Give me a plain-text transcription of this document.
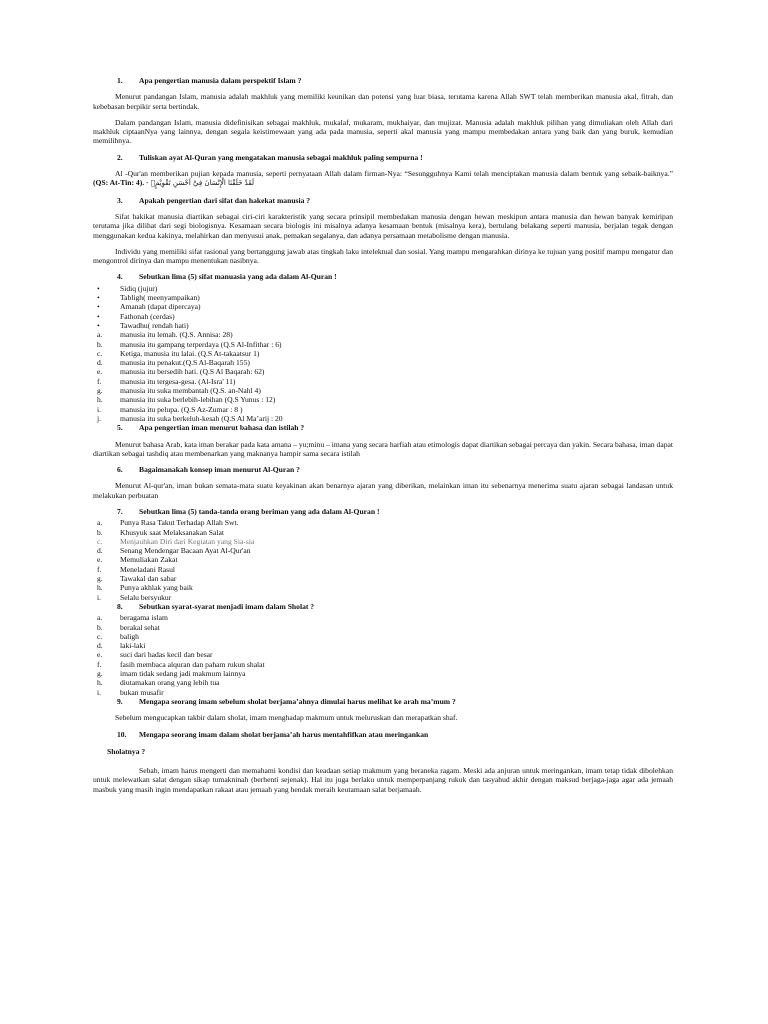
1. Apa pengertian manusia dalam perspektif Islam ?

Menurut pandangan Islam, manusia adalah makhluk yang memiliki keunikan dan potensi yang luar biasa, terutama karena Allah SWT telah memberikan manusia akal, fitrah, dan kebebasan berpikir serta bertindak.

Dalam pandangan Islam, manusia didefinisikan sebagai makhluk, mukalaf, mukaram, mukhaiyar, dan mujizat. Manusia adalah makhluk pilihan yang dimuliakan oleh Allah dari makhluk ciptaanNya yang lainnya, dengan segala keistimewaan yang ada pada manusia, seperti akal manusia yang mampu membedakan antara yang baik dan yang buruk, kemudian memilihnya.

2. Tuliskan ayat Al-Quran yang mengatakan manusia sebagai makhluk paling sempurna !

Al -Qur'an memberikan pujian kepada manusia, seperti pernyataan Allah dalam firman-Nya: “Sesungguhnya Kami telah menciptakan manusia dalam bentuk yang sebaik-baiknya.” (QS: At-Tin: 4). لَقَدْ خَلَقْنَا الْإِنْسَانَ فِيْٓ اَحْسَنِ تَقْوِيْمٍۖ -

3. Apakah pengertian dari sifat dan hakekat manusia ?

Sifat hakikat manusia diartikan sebagai ciri-ciri karakteristik yang secara prinsipil membedakan manusia dengan hewan meskipun antara manusia dan hewan banyak kemiripan terutama jika dilihat dari segi biologisnya. Kesamaan secara biologis ini misalnya adanya kesamaan bentuk (misalnya kera), bertulang belakang seperti manusia, berjalan tegak dengan menggunakan kedua kakinya, melahirkan dan menyusui anak, pemakan segalanya, dan adanya persamaan metabolisme dengan manusia.

Individu yang memiliki sifat rasional yang bertanggung jawab atas tingkah laku intelektual dan sosial. Yang mampu mengarahkan dirinya ke tujuan yang positif mampu mengatur dan mengontrol dirinya dan mampu menentukan nasibnya.

4. Sebutkan lima (5) sifat manuasia yang ada dalam Al-Quran !
•	Sidiq (jujur)
•	Tabligh( meenyampaikan)
•	Amanah (dapat dipercaya)
•	Fathonah (cerdas)
•	Tawadhu( rendah hati)
a. manusia itu lemah. (Q.S. Annisa: 28)
b. manusia itu gampang terperdaya (Q.S Al-Infithar : 6)
c. Ketiga, manusia itu lalai. (Q.S At-takaatsur 1)
d. manusia itu penakut.(Q.S Al-Baqarah 155)
e. manusia itu bersedih hati. (Q.S Al Baqarah: 62)
f. manusia itu tergesa-gesa. (Al-Isra' 11)
g. manusia itu suka membantah (Q.S. an-Nahl 4)
h. manusia itu suka berlebih-lebihan (Q.S Yunus : 12)
i. manusia itu pelupa. (Q.S Az-Zumar : 8 )
j. manusia itu suka berkeluh-kesah (Q.S Al Ma’arij : 20
5. Apa pengertian iman menurut bahasa dan istilah ?

Menurut bahasa Arab, kata iman berakar pada kata amana – yu;minu – imana yang secara harfiah atau etimologis dapat diartikan sebagai percaya dan yakin. Secara bahasa, iman dapat diartikan sebagai tashdiq atau membenarkan yang maknanya hampir sama secara istilah

6. Bagaimanakah konsep iman menurut Al-Quran ?

Menurut Al-qur'an, iman bukan semata-mata suatu keyakinan akan benarnya ajaran yang diberikan, melainkan iman itu sebenarnya menerima suatu ajaran sebagai landasan untuk melakukan perbuatan

7. Sebutkan lima (5) tanda-tanda orang beriman yang ada dalam Al-Quran !
a. Punya Rasa Takut Terhadap Allah Swt.
b. Khusyuk saat Melaksanakan Salat
c. Menjauhkan Diri dari Kegiatan yang Sia-sia
d. Senang Mendengar Bacaan Ayat Al-Qur'an
e. Memuliakan Zakat
f. Meneladani Rasul
g. Tawakal dan sabar
h. Punya akhlak yang baik
i. Selalu bersyukur
8. Sebutkan syarat-syarat menjadi imam dalam Sholat ?
a. beragama islam
b. berakal sehat
c. baligh
d. laki-laki
e. suci dari hadas kecil dan besar
f. fasih membaca alquran dan paham rukun shalat
g. imam tidak sedang jadi makmum lainnya
h. diutamakan orang yang lebih tua
i. bukan musafir
9. Mengapa seorang imam sebelum sholat berjama’ahnya dimulai harus melihat ke arah ma’mum ?

Sebelum mengucapkan takbir dalam sholat, imam menghadap makmum untuk meluruskan dan merapatkan shaf.

10. Mengapa seorang imam dalam sholat berjama’ah harus mentahfifkan atau meringankan
Sholatnya ?

Sebab, imam harus mengerti dan memahami kondisi dan keadaan setiap makmum yang beraneka ragam. Meski ada anjuran untuk meringankan, imam tetap tidak dibolehkan untuk melewatkan salat dengan sikap tumakninah (berhenti sejenak). Hal itu juga berlaku untuk memperpanjang rukuk dan tasyahud akhir dengan maksud berjaga-jaga agar ada jemaah masbuk yang masih ingin mendapatkan rakaat atau jemaah yang hendak meraih keutamaan salat berjamaah.
